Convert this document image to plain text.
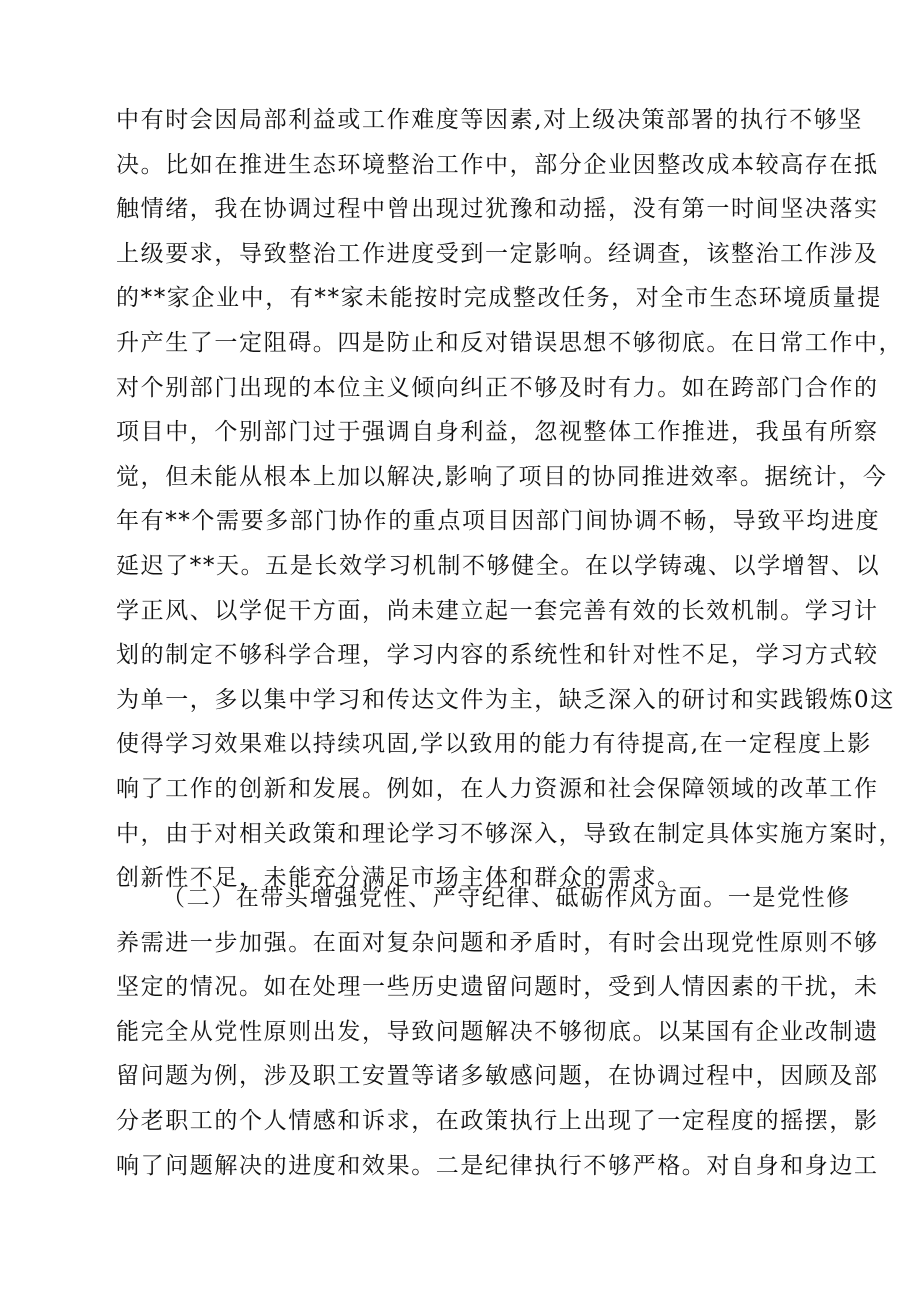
中有时会因局部利益或工作难度等因素,对上级决策部署的执行不够坚
决。比如在推进生态环境整治工作中，部分企业因整改成本较高存在抵
触情绪，我在协调过程中曾出现过犹豫和动摇，没有第一时间坚决落实
上级要求，导致整治工作进度受到一定影响。经调查，该整治工作涉及
的**家企业中，有**家未能按时完成整改任务，对全市生态环境质量提
升产生了一定阻碍。四是防止和反对错误思想不够彻底。在日常工作中，
对个别部门出现的本位主义倾向纠正不够及时有力。如在跨部门合作的
项目中，个别部门过于强调自身利益，忽视整体工作推进，我虽有所察
觉，但未能从根本上加以解决,影响了项目的协同推进效率。据统计，今
年有**个需要多部门协作的重点项目因部门间协调不畅，导致平均进度
延迟了**天。五是长效学习机制不够健全。在以学铸魂、以学增智、以
学正风、以学促干方面，尚未建立起一套完善有效的长效机制。学习计
划的制定不够科学合理，学习内容的系统性和针对性不足，学习方式较
为单一，多以集中学习和传达文件为主，缺乏深入的研讨和实践锻炼0这
使得学习效果难以持续巩固,学以致用的能力有待提高,在一定程度上影
响了工作的创新和发展。例如，在人力资源和社会保障领域的改革工作
中，由于对相关政策和理论学习不够深入，导致在制定具体实施方案时，
创新性不足，未能充分满足市场主体和群众的需求。
（二）在带头增强党性、严守纪律、砥砺作风方面。一是党性修
养需进一步加强。在面对复杂问题和矛盾时，有时会出现党性原则不够
坚定的情况。如在处理一些历史遗留问题时，受到人情因素的干扰，未
能完全从党性原则出发，导致问题解决不够彻底。以某国有企业改制遗
留问题为例，涉及职工安置等诸多敏感问题，在协调过程中，因顾及部
分老职工的个人情感和诉求，在政策执行上出现了一定程度的摇摆，影
响了问题解决的进度和效果。二是纪律执行不够严格。对自身和身边工
